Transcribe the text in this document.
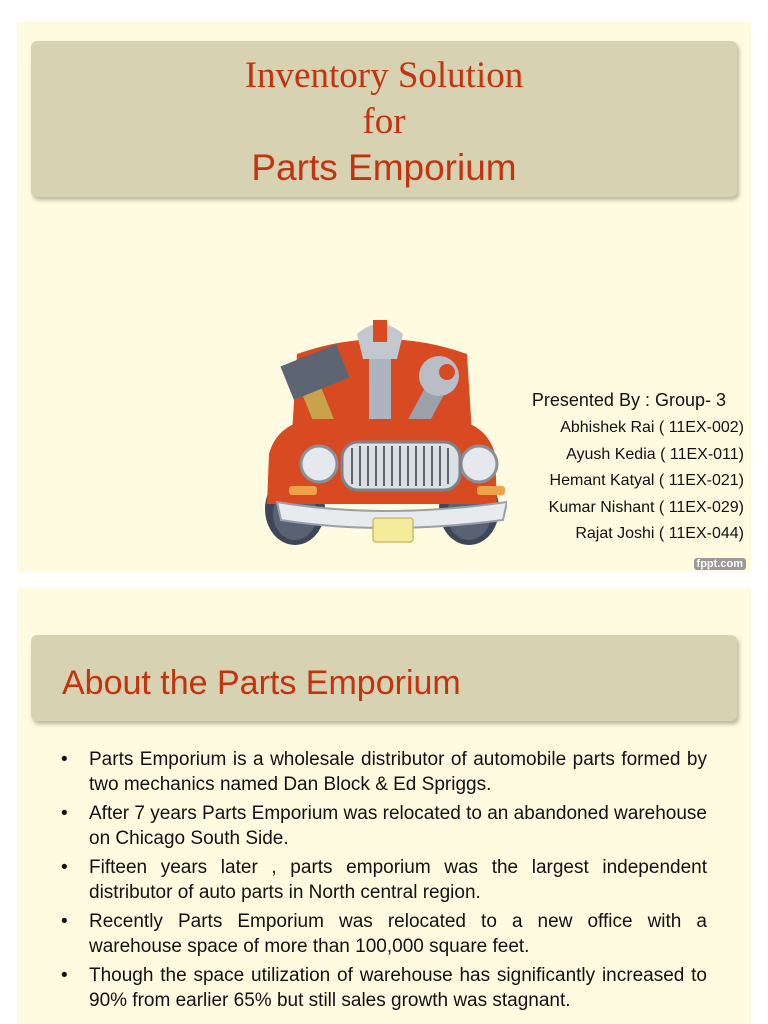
Inventory Solution
for
Parts Emporium
Presented By : Group- 3
Abhishek Rai ( 11EX-002)
Ayush Kedia ( 11EX-011)
Hemant Katyal ( 11EX-021)
Kumar Nishant ( 11EX-029)
Rajat Joshi ( 11EX-044)
fppt.com
About the Parts Emporium
• Parts Emporium is a wholesale distributor of automobile parts formed by two mechanics named Dan Block & Ed Spriggs.
• After 7 years Parts Emporium was relocated to an abandoned warehouse on Chicago South Side.
• Fifteen years later , parts emporium was the largest independent distributor of auto parts in North central region.
• Recently Parts Emporium was relocated to a new office with a warehouse space of more than 100,000 square feet.
• Though the space utilization of warehouse has significantly increased to 90% from earlier 65% but still sales growth was stagnant.
